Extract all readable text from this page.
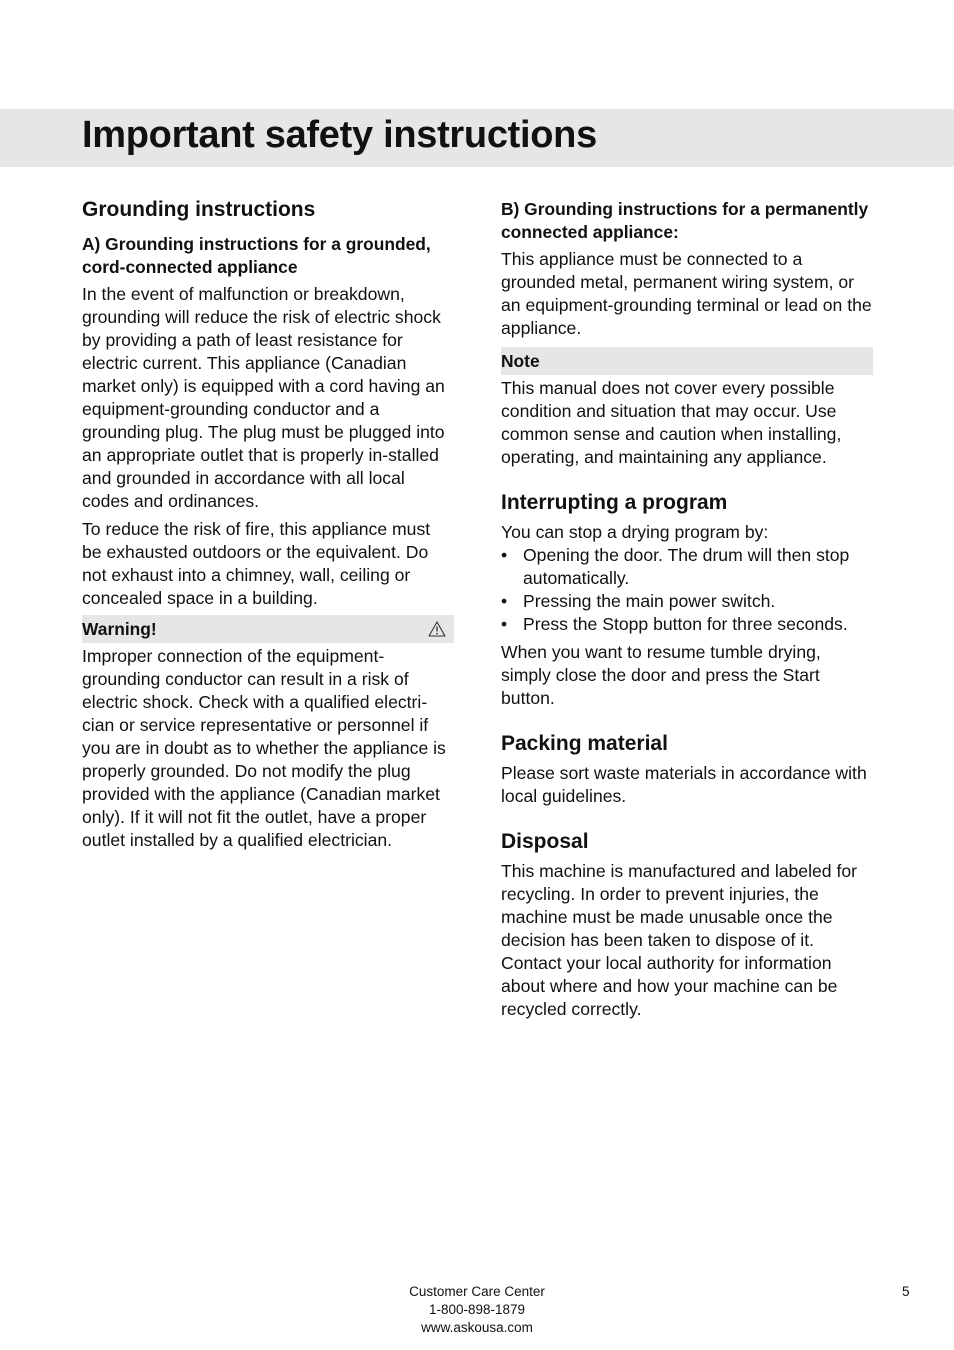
Important safety instructions
Grounding instructions
A) Grounding instructions for a grounded, cord-connected appliance

In the event of malfunction or breakdown, grounding will reduce the risk of electric shock by providing a path of least resistance for electric current. This appliance (Canadian market only) is equipped with a cord having an equipment-grounding conductor and a grounding plug. The plug must be plugged into an appropriate outlet that is properly in-stalled and grounded in accordance with all local codes and ordinances.

To reduce the risk of fire, this appliance must be exhausted outdoors or the equivalent. Do not exhaust into a chimney, wall, ceiling or concealed space in a building.

Warning!

Improper connection of the equipment-grounding conductor can result in a risk of electric shock. Check with a qualified electri-cian or service representative or personnel if you are in doubt as to whether the appliance is properly grounded. Do not modify the plug provided with the appliance (Canadian market only). If it will not fit the outlet, have a proper outlet installed by a qualified electrician.

B) Grounding instructions for a permanently connected appliance:

This appliance must be connected to a grounded metal, permanent wiring system, or an equipment-grounding terminal or lead on the appliance.

Note

This manual does not cover every possible condition and situation that may occur. Use common sense and caution when installing, operating, and maintaining any appliance.

Interrupting a program

You can stop a drying program by:

• Opening the door. The drum will then stop automatically.
• Pressing the main power switch.
• Press the Stopp button for three seconds.

When you want to resume tumble drying, simply close the door and press the Start button.

Packing material

Please sort waste materials in accordance with local guidelines.

Disposal

This machine is manufactured and labeled for recycling. In order to prevent injuries, the machine must be made unusable once the decision has been taken to dispose of it. Contact your local authority for information about where and how your machine can be recycled correctly.

Customer Care Center
1-800-898-1879
www.askousa.com
5
